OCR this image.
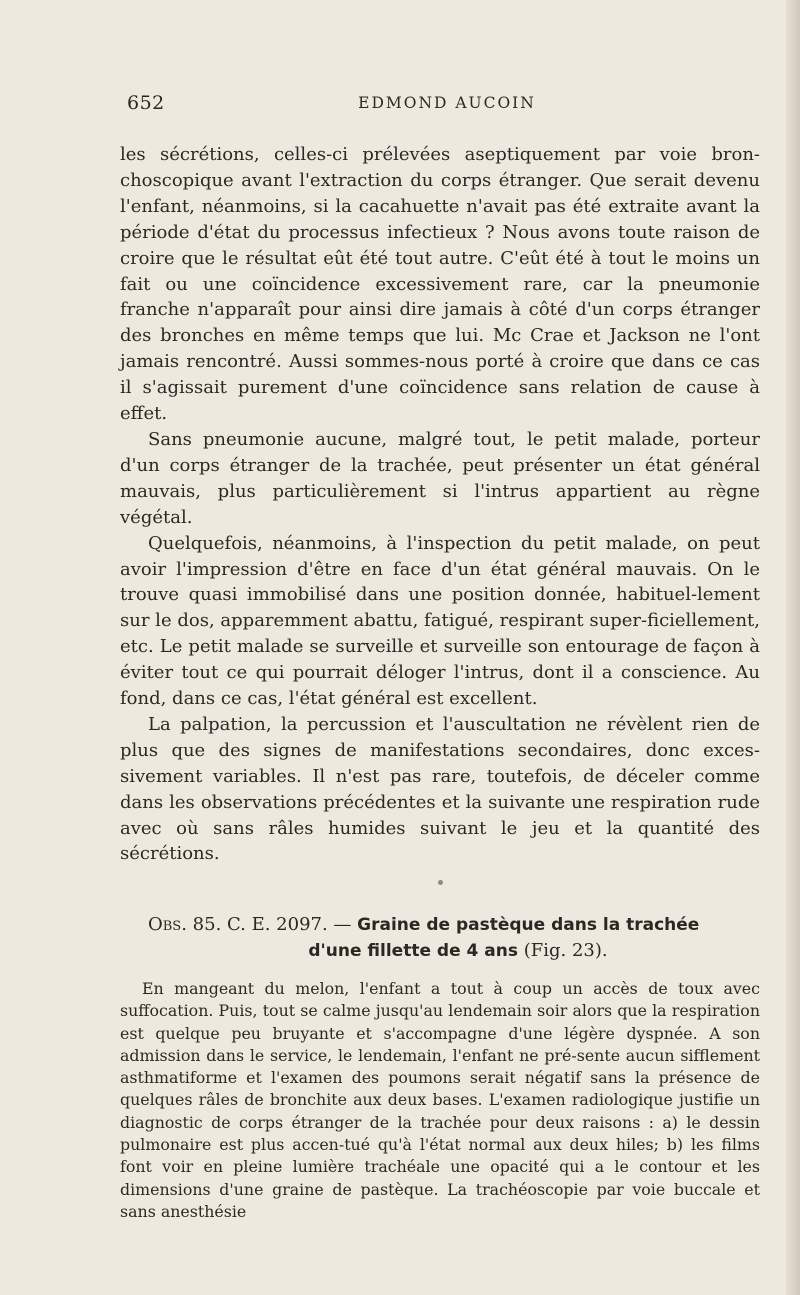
652	EDMOND AUCOIN

les sécrétions, celles-ci prélevées aseptiquement par voie bron-choscopique avant l'extraction du corps étranger. Que serait devenu l'enfant, néanmoins, si la cacahuette n'avait pas été extraite avant la période d'état du processus infectieux ? Nous avons toute raison de croire que le résultat eût été tout autre. C'eût été à tout le moins un fait ou une coïncidence excessivement rare, car la pneumonie franche n'apparaît pour ainsi dire jamais à côté d'un corps étranger des bronches en même temps que lui. Mc Crae et Jackson ne l'ont jamais rencontré. Aussi sommes-nous porté à croire que dans ce cas il s'agissait purement d'une coïncidence sans relation de cause à effet.

Sans pneumonie aucune, malgré tout, le petit malade, porteur d'un corps étranger de la trachée, peut présenter un état général mauvais, plus particulièrement si l'intrus appartient au règne végétal.

Quelquefois, néanmoins, à l'inspection du petit malade, on peut avoir l'impression d'être en face d'un état général mauvais. On le trouve quasi immobilisé dans une position donnée, habituel-lement sur le dos, apparemment abattu, fatigué, respirant super-ficiellement, etc. Le petit malade se surveille et surveille son entourage de façon à éviter tout ce qui pourrait déloger l'intrus, dont il a conscience. Au fond, dans ce cas, l'état général est excellent.

La palpation, la percussion et l'auscultation ne révèlent rien de plus que des signes de manifestations secondaires, donc exces-sivement variables. Il n'est pas rare, toutefois, de déceler comme dans les observations précédentes et la suivante une respiration rude avec où sans râles humides suivant le jeu et la quantité des sécrétions.

Obs. 85. C. E. 2097. — Graine de pastèque dans la trachée
d'une fillette de 4 ans (Fig. 23).
En mangeant du melon, l'enfant a tout à coup un accès de toux avec suffocation. Puis, tout se calme jusqu'au lendemain soir alors que la respiration est quelque peu bruyante et s'accompagne d'une légère dyspnée. A son admission dans le service, le lendemain, l'enfant ne pré-sente aucun sifflement asthmatiforme et l'examen des poumons serait négatif sans la présence de quelques râles de bronchite aux deux bases. L'examen radiologique justifie un diagnostic de corps étranger de la trachée pour deux raisons : a) le dessin pulmonaire est plus accen-tué qu'à l'état normal aux deux hiles; b) les films font voir en pleine lumière trachéale une opacité qui a le contour et les dimensions d'une graine de pastèque. La trachéoscopie par voie buccale et sans anesthésie
